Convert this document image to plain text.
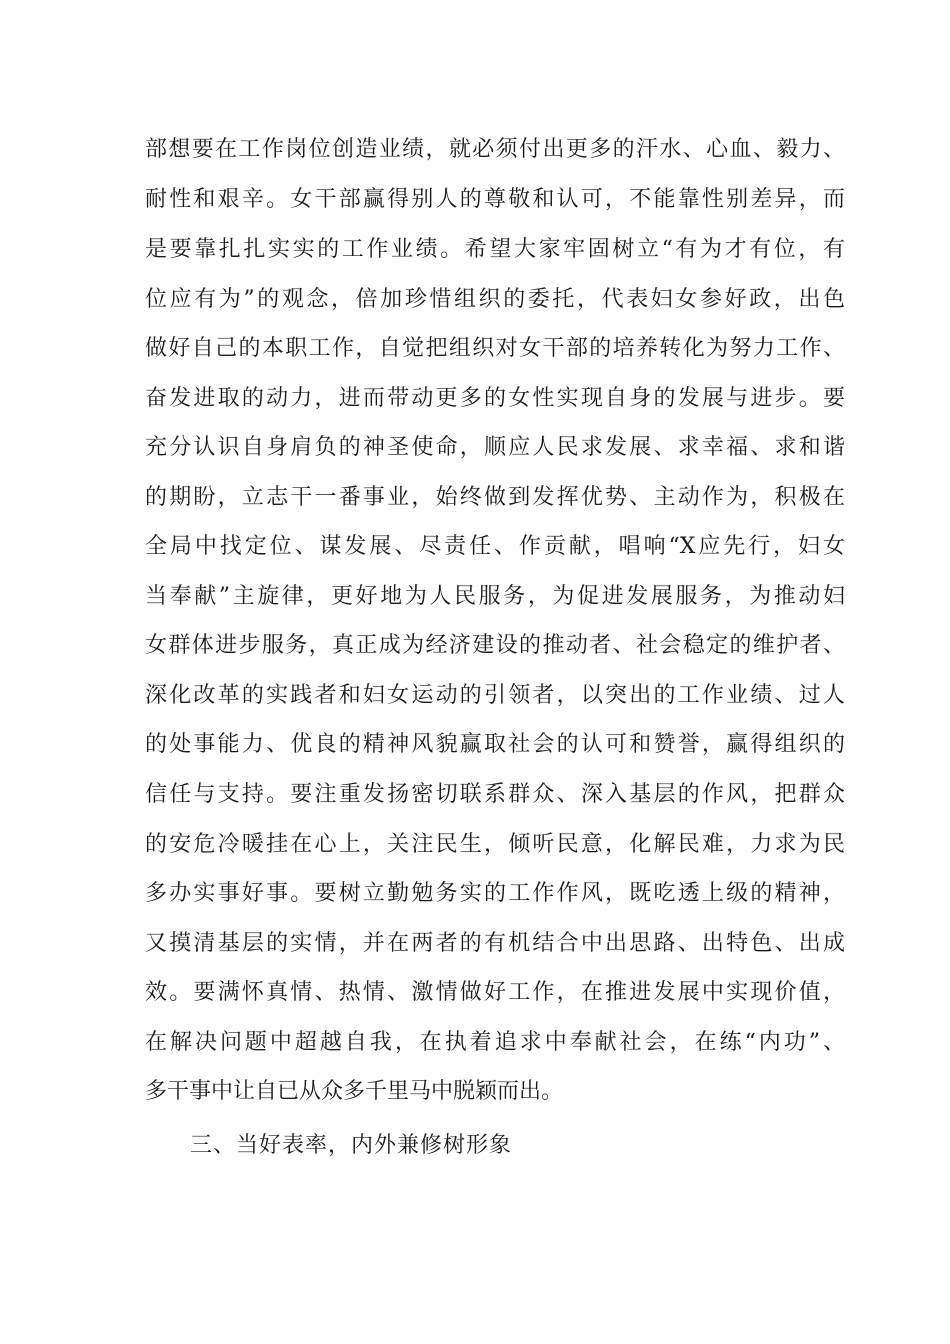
部想要在工作岗位创造业绩，就必须付出更多的汗水、心血、毅力、
耐性和艰辛。女干部赢得别人的尊敬和认可，不能靠性别差异，而
是要靠扎扎实实的工作业绩。希望大家牢固树立“有为才有位，有
位应有为”的观念，倍加珍惜组织的委托，代表妇女参好政，出色
做好自己的本职工作，自觉把组织对女干部的培养转化为努力工作、
奋发进取的动力，进而带动更多的女性实现自身的发展与进步。要
充分认识自身肩负的神圣使命，顺应人民求发展、求幸福、求和谐
的期盼，立志干一番事业，始终做到发挥优势、主动作为，积极在
全局中找定位、谋发展、尽责任、作贡献，唱响“X应先行，妇女
当奉献”主旋律，更好地为人民服务，为促进发展服务，为推动妇
女群体进步服务，真正成为经济建设的推动者、社会稳定的维护者、
深化改革的实践者和妇女运动的引领者，以突出的工作业绩、过人
的处事能力、优良的精神风貌赢取社会的认可和赞誉，赢得组织的
信任与支持。要注重发扬密切联系群众、深入基层的作风，把群众
的安危冷暖挂在心上，关注民生，倾听民意，化解民难，力求为民
多办实事好事。要树立勤勉务实的工作作风，既吃透上级的精神，
又摸清基层的实情，并在两者的有机结合中出思路、出特色、出成
效。要满怀真情、热情、激情做好工作，在推进发展中实现价值，
在解决问题中超越自我，在执着追求中奉献社会，在练“内功”、
多干事中让自已从众多千里马中脱颖而出。
三、当好表率，内外兼修树形象
